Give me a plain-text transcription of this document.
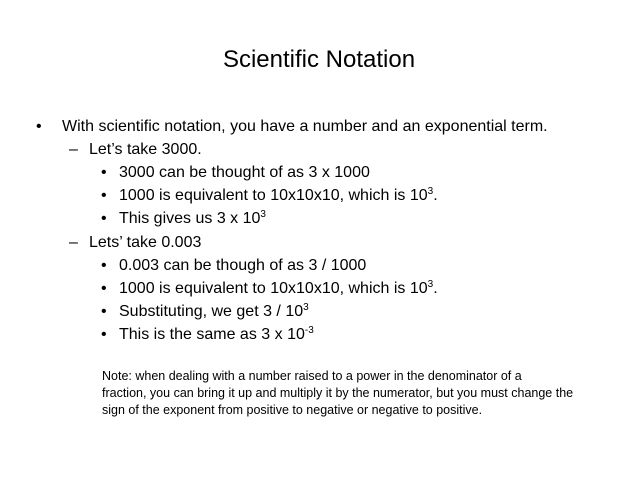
Scientific Notation
• With scientific notation, you have a number and an exponential term.
– Let’s take 3000.
• 3000 can be thought of as 3 x 1000
• 1000 is equivalent to 10x10x10, which is $10^3$.
• This gives us 3 x $10^3$
– Lets’ take 0.003
• 0.003 can be though of as 3 / 1000
• 1000 is equivalent to 10x10x10, which is $10^3$.
• Substituting, we get $3 / 10^3$
• This is the same as 3 x $10^{-3}$

Note: when dealing with a number raised to a power in the denominator of a

fraction, you can bring it up and multiply it by the numerator, but you must change the

sign of the exponent from positive to negative or negative to positive.
